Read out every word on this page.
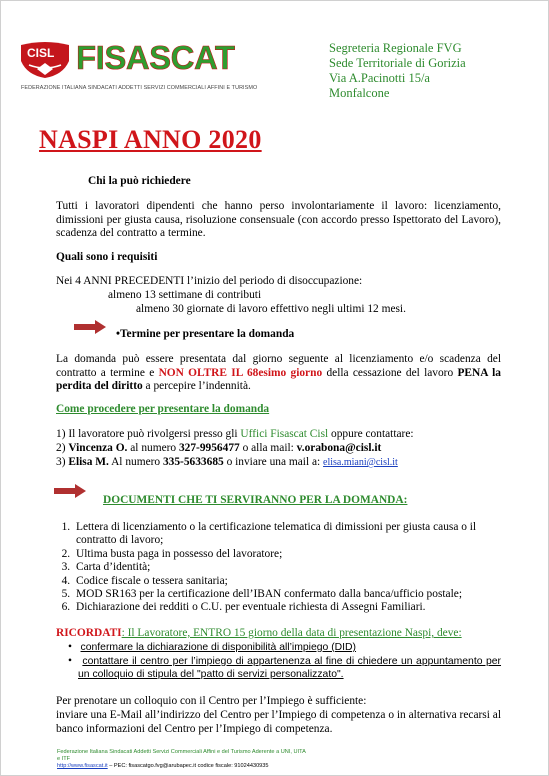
CISL FISASCAT
FEDERAZIONE ITALIANA SINDACATI ADDETTI SERVIZI COMMERCIALI AFFINI E TURISMO
Segreteria Regionale FVG
Sede Territoriale di Gorizia
Via A.Pacinotti 15/a
Monfalcone
NASPI ANNO 2020

Chi la può richiedere

Tutti i lavoratori dipendenti che hanno perso involontariamente il lavoro: licenziamento, dimissioni per giusta causa, risoluzione consensuale (con accordo presso Ispettorato del Lavoro), scadenza del contratto a termine.

Quali sono i requisiti

Nei 4 ANNI PRECEDENTI l’inizio del periodo di disoccupazione:

almeno 13 settimane di contributi

almeno 30 giornate di lavoro effettivo negli ultimi 12 mesi.

•Termine per presentare la domanda

La domanda può essere presentata dal giorno seguente al licenziamento e/o scadenza del contratto a termine e NON OLTRE IL 68esimo giorno della cessazione del lavoro PENA la perdita del diritto a percepire l’indennità.

Come procedere per presentare la domanda

1) Il lavoratore può rivolgersi presso gli Uffici Fisascat Cisl oppure contattare:

2) Vincenza O. al numero 327-9956477 o alla mail: v.orabona@cisl.it

3) Elisa M. Al numero 335-5633685 o inviare una mail a: elisa.miani@cisl.it

DOCUMENTI CHE TI SERVIRANNO PER LA DOMANDA:

1. Lettera di licenziamento o la certificazione telematica di dimissioni per giusta causa o il contratto di lavoro;
2. Ultima busta paga in possesso del lavoratore;
3. Carta d’identità;
4. Codice fiscale o tessera sanitaria;
5. MOD SR163 per la certificazione dell’IBAN confermato dalla banca/ufficio postale;
6. Dichiarazione dei redditi o C.U. per eventuale richiesta di Assegni Familiari.
RICORDATI: Il Lavoratore, ENTRO 15 giorno della data di presentazione Naspi, deve:
•   confermare la dichiarazione di disponibilità all’impiego (DID)
•   contattare il centro per l’impiego di appartenenza al fine di chiedere un appuntamento per un colloquio di stipula del "patto di servizi personalizzato".

Per prenotare un colloquio con il Centro per l’Impiego è sufficiente:

inviare una E-Mail all’indirizzo del Centro per l’Impiego di competenza o in alternativa recarsi al banco informazioni del Centro per l’Impiego di competenza.

Federazione Italiana Sindacati Addetti Servizi Commerciali Affini e del Turismo Aderente a UNI, UITA
e ITF
http://www.fisascat.it – PEC: fisascatgo.fvg@arubapec.it codice fiscale: 91024430935
